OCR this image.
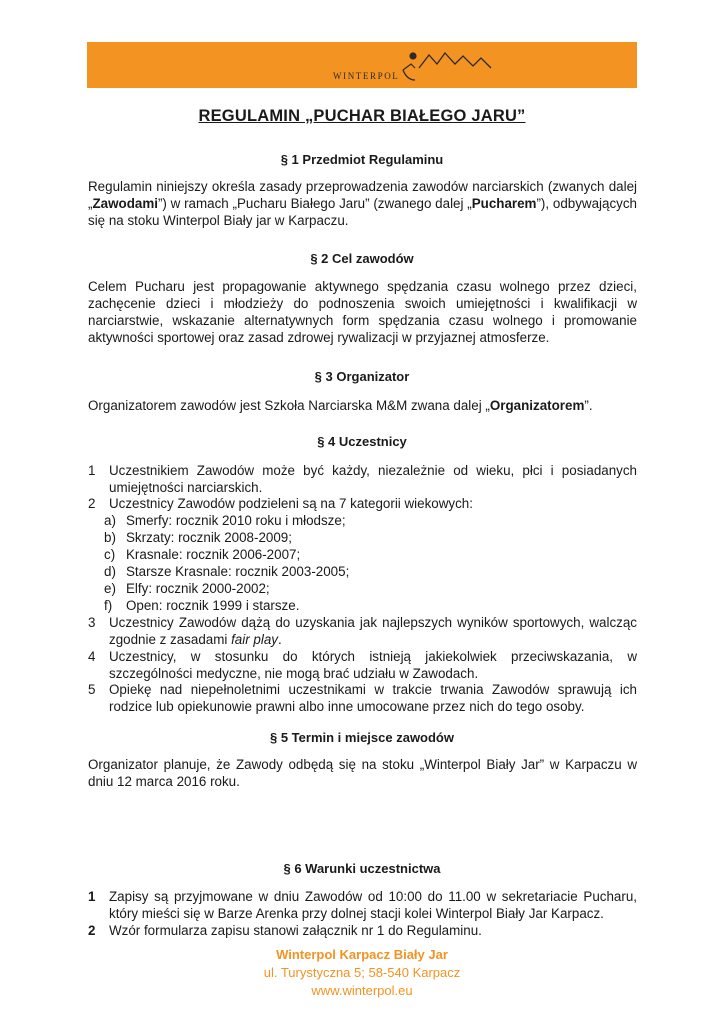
WINTERPOL
REGULAMIN „PUCHAR BIAŁEGO JARU”
§ 1 Przedmiot Regulaminu
Regulamin niniejszy określa zasady przeprowadzenia zawodów narciarskich (zwanych dalej
„Zawodami”) w ramach „Pucharu Białego Jaru” (zwanego dalej „Pucharem”), odbywających
się na stoku Winterpol Biały jar w Karpaczu.
§ 2 Cel zawodów
Celem Pucharu jest propagowanie aktywnego spędzania czasu wolnego przez dzieci,
zachęcenie dzieci i młodzieży do podnoszenia swoich umiejętności i kwalifikacji w
narciarstwie, wskazanie alternatywnych form spędzania czasu wolnego i promowanie
aktywności sportowej oraz zasad zdrowej rywalizacji w przyjaznej atmosferze.
§ 3 Organizator
Organizatorem zawodów jest Szkoła Narciarska M&M zwana dalej „Organizatorem”.
§ 4 Uczestnicy
1 Uczestnikiem Zawodów może być każdy, niezależnie od wieku, płci i posiadanych
umiejętności narciarskich.
2 Uczestnicy Zawodów podzieleni są na 7 kategorii wiekowych:
a) Smerfy: rocznik 2010 roku i młodsze;
b) Skrzaty: rocznik 2008-2009;
c) Krasnale: rocznik 2006-2007;
d) Starsze Krasnale: rocznik 2003-2005;
e) Elfy: rocznik 2000-2002;
f) Open: rocznik 1999 i starsze.
3 Uczestnicy Zawodów dążą do uzyskania jak najlepszych wyników sportowych, walcząc
zgodnie z zasadami fair play.
4 Uczestnicy, w stosunku do których istnieją jakiekolwiek przeciwskazania, w
szczególności medyczne, nie mogą brać udziału w Zawodach.
5 Opiekę nad niepełnoletnimi uczestnikami w trakcie trwania Zawodów sprawują ich
rodzice lub opiekunowie prawni albo inne umocowane przez nich do tego osoby.
§ 5 Termin i miejsce zawodów
Organizator planuje, że Zawody odbędą się na stoku „Winterpol Biały Jar” w Karpaczu w
dniu 12 marca 2016 roku.
§ 6 Warunki uczestnictwa
1 Zapisy są przyjmowane w dniu Zawodów od 10:00 do 11.00 w sekretariacie Pucharu,
który mieści się w Barze Arenka przy dolnej stacji kolei Winterpol Biały Jar Karpacz.
2 Wzór formularza zapisu stanowi załącznik nr 1 do Regulaminu.
Winterpol Karpacz Biały Jar
ul. Turystyczna 5; 58-540 Karpacz
www.winterpol.eu
